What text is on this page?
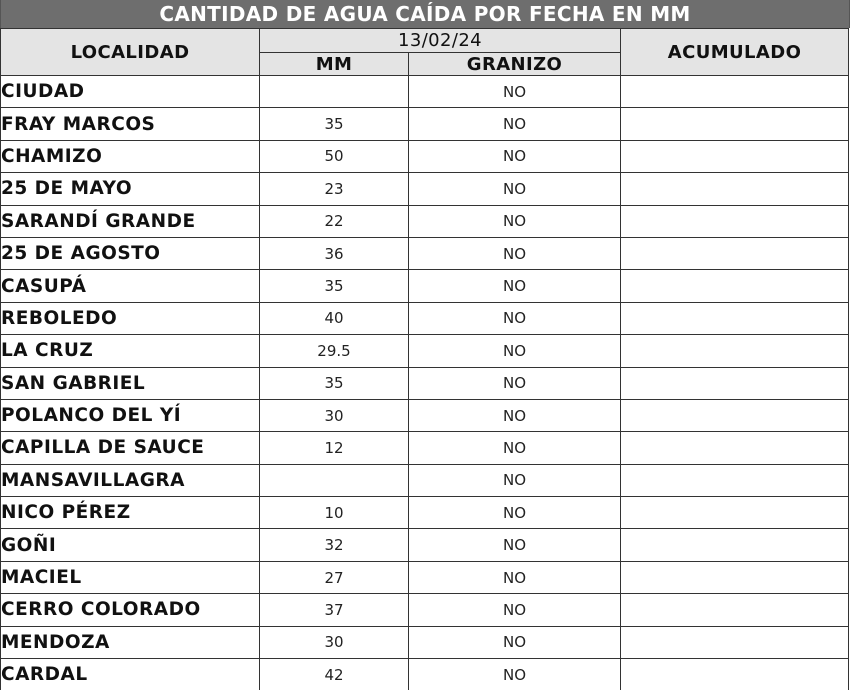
CANTIDAD DE AGUA CAÍDA POR FECHA EN MM
LOCALIDAD	13/02/24		ACUMULADO
	MM	GRANIZO	
CIUDAD		NO	
FRAY MARCOS	35	NO	
CHAMIZO	50	NO	
25 DE MAYO	23	NO	
SARANDÍ GRANDE	22	NO	
25 DE AGOSTO	36	NO	
CASUPÁ	35	NO	
REBOLEDO	40	NO	
LA CRUZ	29.5	NO	
SAN GABRIEL	35	NO	
POLANCO DEL YÍ	30	NO	
CAPILLA DE SAUCE	12	NO	
MANSAVILLAGRA		NO	
NICO PÉREZ	10	NO	
GOÑI	32	NO	
MACIEL	27	NO	
CERRO COLORADO	37	NO	
MENDOZA	30	NO	
CARDAL	42	NO	
